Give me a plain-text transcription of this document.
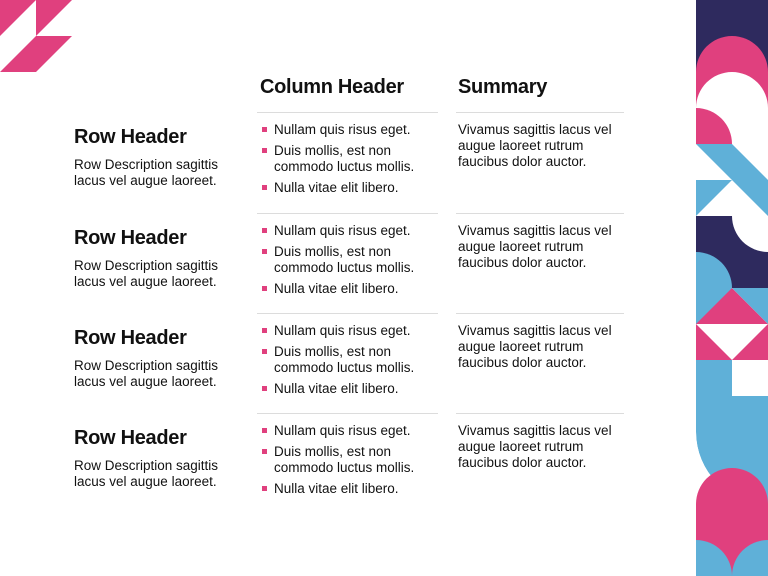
Column Header	Summary
Row Header
Row Description sagittis lacus vel augue laoreet.
Nullam quis risus eget.
Duis mollis, est non commodo luctus mollis.
Nulla vitae elit libero.
Vivamus sagittis lacus vel augue laoreet rutrum faucibus dolor auctor.
Row Header
Row Description sagittis lacus vel augue laoreet.
Nullam quis risus eget.
Duis mollis, est non commodo luctus mollis.
Nulla vitae elit libero.
Vivamus sagittis lacus vel augue laoreet rutrum faucibus dolor auctor.
Row Header
Row Description sagittis lacus vel augue laoreet.
Nullam quis risus eget.
Duis mollis, est non commodo luctus mollis.
Nulla vitae elit libero.
Vivamus sagittis lacus vel augue laoreet rutrum faucibus dolor auctor.
Row Header
Row Description sagittis lacus vel augue laoreet.
Nullam quis risus eget.
Duis mollis, est non commodo luctus mollis.
Nulla vitae elit libero.
Vivamus sagittis lacus vel augue laoreet rutrum faucibus dolor auctor.
